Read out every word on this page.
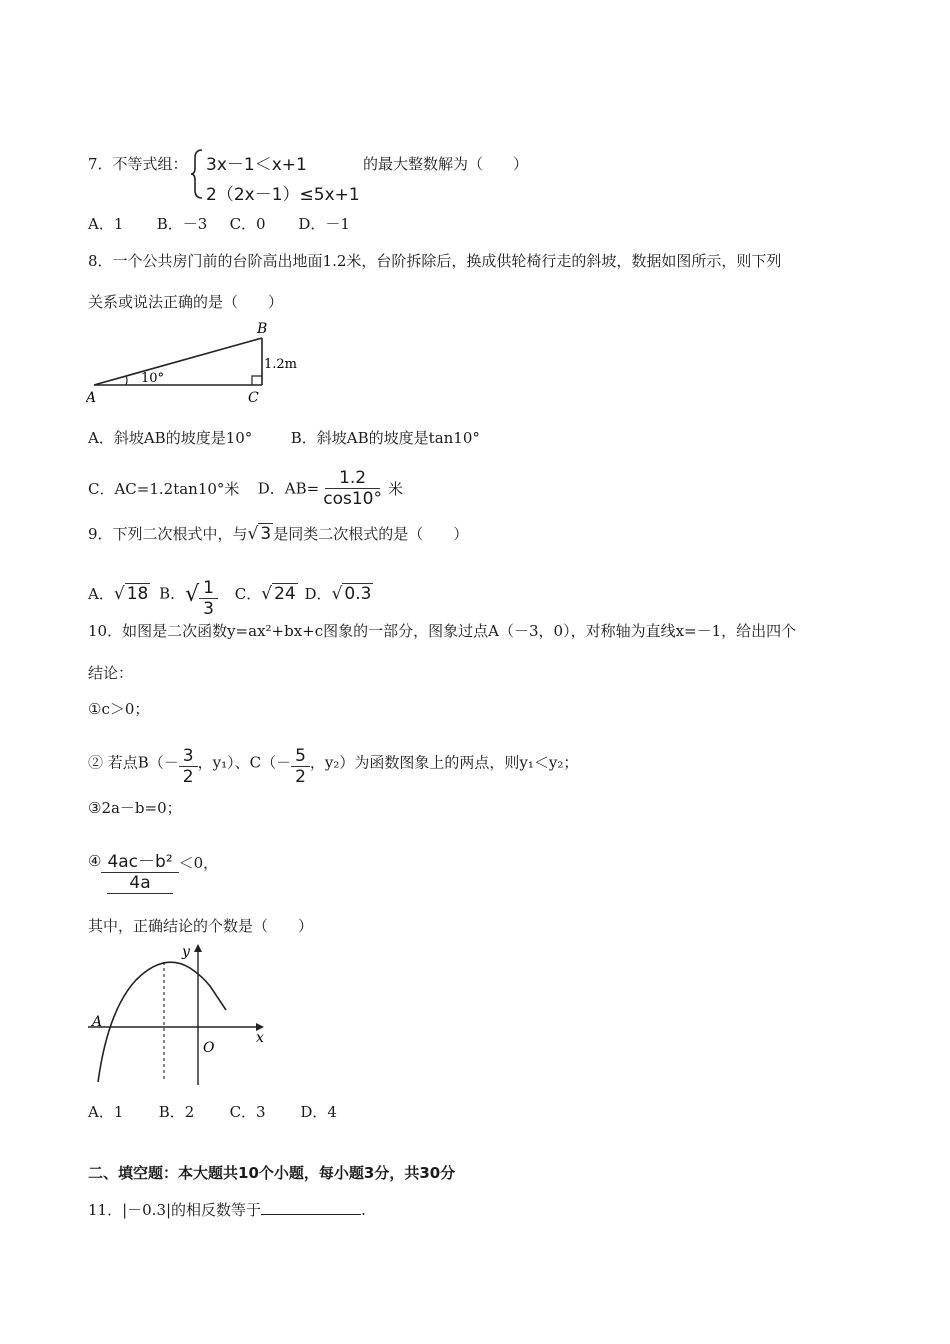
7．不等式组： 3x－1＜x+1
2（2x－1）≤5x+1
的最大整数解为（　　）
A．1 B．－3 C．0 D．－1
8．一个公共房门前的台阶高出地面1.2米，台阶拆除后，换成供轮椅行走的斜坡，数据如图所示，则下列
关系或说法正确的是（　　）
A
B
C
10°
1.2m
A．斜坡AB的坡度是10°	B．斜坡AB的坡度是tan10°
C．AC=1.2tan10°米 D．$AB= \frac{1.2}{\cos 10^\circ}$ 米
9．下列二次根式中，与√ 3 是同类二次根式的是（　　）
A．√ 18 B．√ $\frac{1}{3}$ C．√ 24 D．√ 0.3
10．如图是二次函数y=ax²+bx+c图象的一部分，图象过点A（－3，0），对称轴为直线x=－1，给出四个
结论：
①c＞0；
② 若点$B(- \frac{3}{2}$ ，y₁）、$C(- \frac{5}{2}$ ，y₂）为函数图象上的两点，则y₁＜y₂；
③2a－b=0；
④ $\frac{\text{4ac－b²}}{4a} <0$，
其中，正确结论的个数是（　　）
y
x
A
O
A．1 B．2 C．3 D．4
二、填空题：本大题共10个小题，每小题3分，共30分
11．|－0.3|的相反数等于	.
